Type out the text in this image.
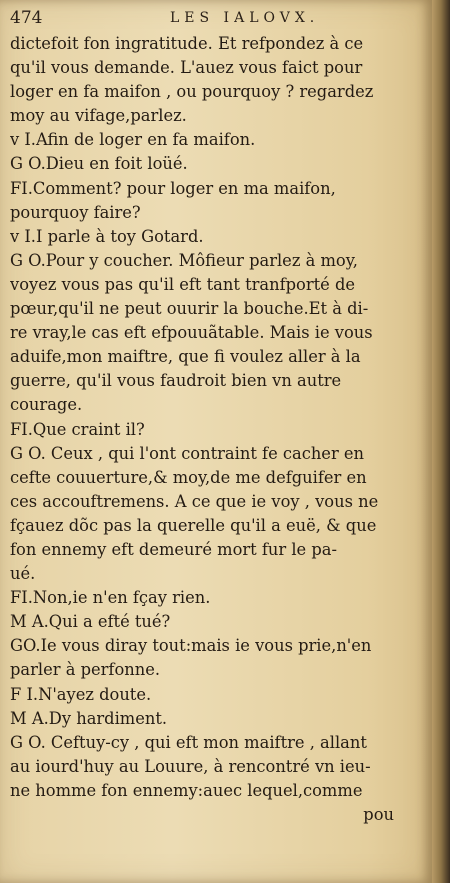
474	LES IALOVX.
dictefoit fon ingratitude. Et refpondez à ce
qu'il vous demande. L'auez vous faict pour
loger en fa maifon , ou pourquoy ? regardez
moy au vifage,parlez.
v I.Afin de loger en fa maifon.
G O.Dieu en foit loüé.
FI.Comment? pour loger en ma maifon,
pourquoy faire?
v I.I parle à toy Gotard.
G O.Pour y coucher. Môfieur parlez à moy,
voyez vous pas qu'il eft tant tranfporté de
pœur,qu'il ne peut ouurir la bouche.Et à di-
re vray,le cas eft efpouuãtable. Mais ie vous
aduife,mon maiftre, que fi voulez aller à la
guerre, qu'il vous faudroit bien vn autre
courage.
FI.Que craint il?
G O. Ceux , qui l'ont contraint fe cacher en
cefte couuerture,& moy,de me defguifer en
ces accouftremens. A ce que ie voy , vous ne
fçauez dõc pas la querelle qu'il a euë, & que
fon ennemy eft demeuré mort fur le pa-
ué.
FI.Non,ie n'en fçay rien.
M A.Qui a efté tué?
GO.Ie vous diray tout:mais ie vous prie,n'en
parler à perfonne.
F I.N'ayez doute.
M A.Dy hardiment.
G O. Ceftuy-cy , qui eft mon maiftre , allant
au iourd'huy au Louure, à rencontré vn ieu-
ne homme fon ennemy:auec lequel,comme
pou
